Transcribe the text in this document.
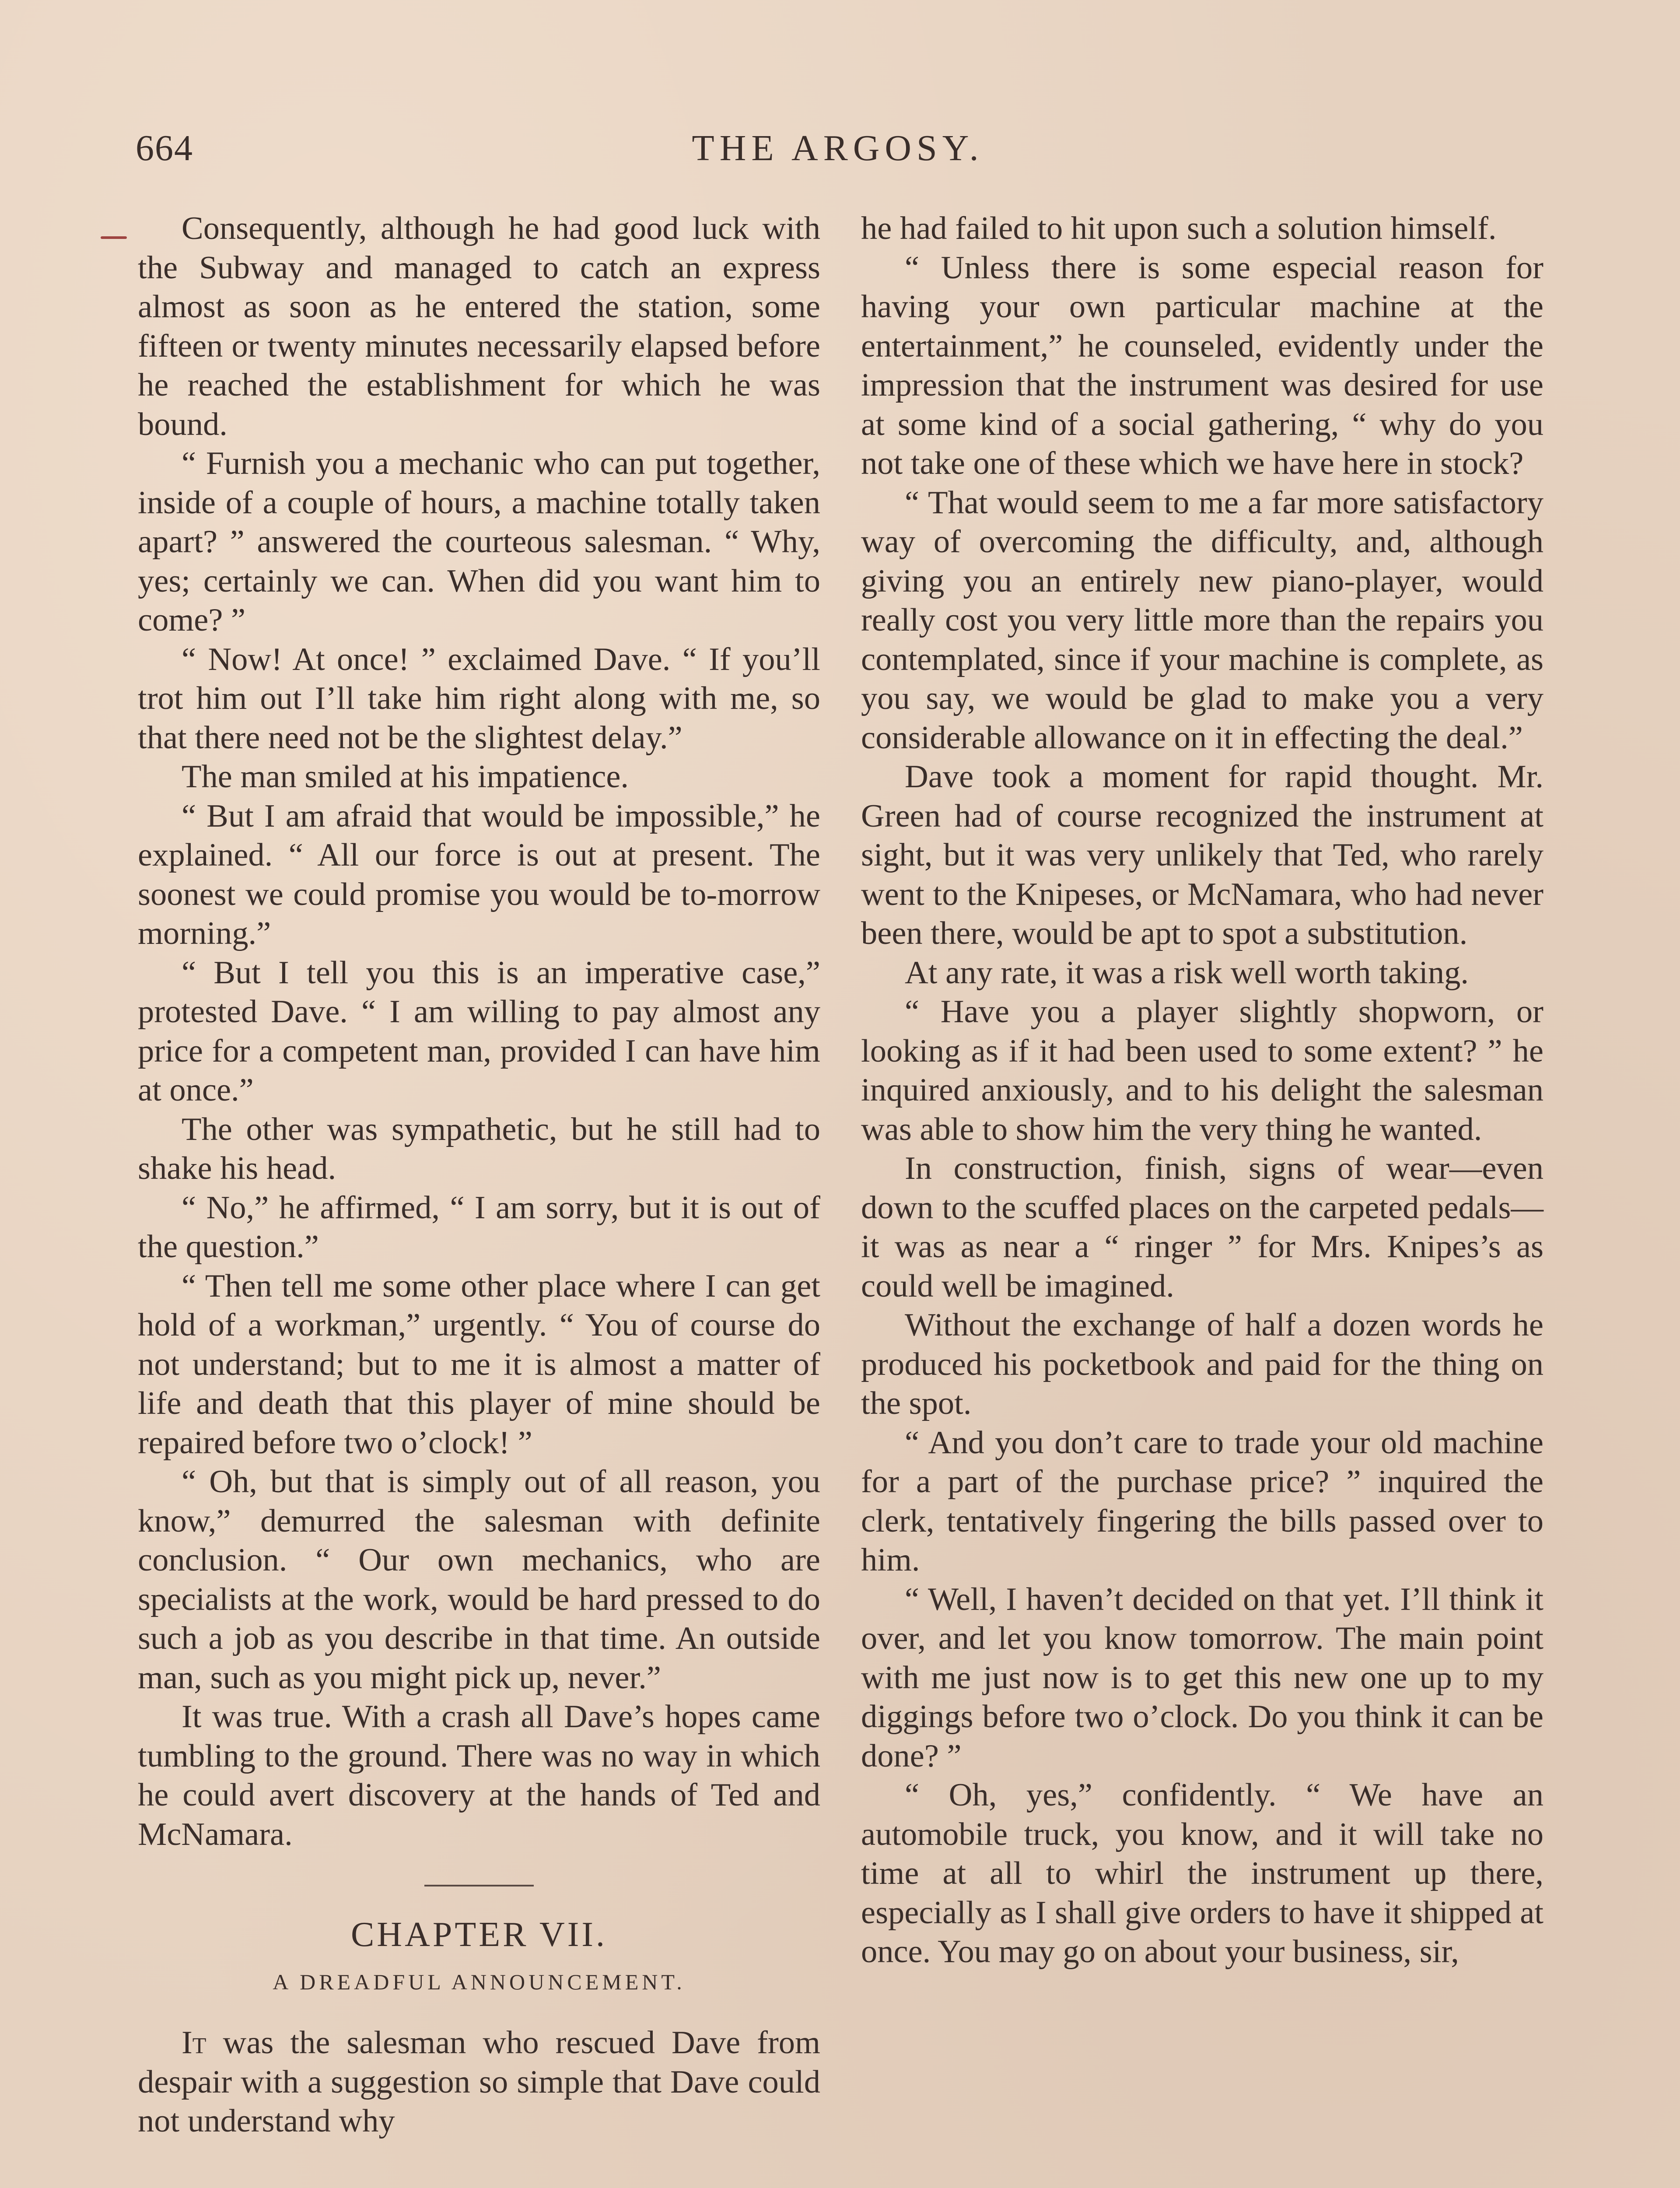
664	THE ARGOSY.

Consequently, although he had good luck with the Subway and managed to catch an express almost as soon as he entered the station, some fifteen or twenty minutes necessarily elapsed before he reached the establishment for which he was bound.

“ Furnish you a mechanic who can put together, inside of a couple of hours, a machine totally taken apart? ” answered the courteous salesman. “ Why, yes; certainly we can. When did you want him to come? ”

“ Now! At once! ” exclaimed Dave. “ If you’ll trot him out I’ll take him right along with me, so that there need not be the slightest delay.”

The man smiled at his impatience.

“ But I am afraid that would be impossible,” he explained. “ All our force is out at present. The soonest we could promise you would be to-morrow morning.”

“ But I tell you this is an imperative case,” protested Dave. “ I am willing to pay almost any price for a competent man, provided I can have him at once.”

The other was sympathetic, but he still had to shake his head.

“ No,” he affirmed, “ I am sorry, but it is out of the question.”

“ Then tell me some other place where I can get hold of a workman,” urgently. “ You of course do not understand; but to me it is almost a matter of life and death that this player of mine should be repaired before two o’clock! ”

“ Oh, but that is simply out of all reason, you know,” demurred the salesman with definite conclusion. “ Our own mechanics, who are specialists at the work, would be hard pressed to do such a job as you describe in that time. An outside man, such as you might pick up, never.”

It was true. With a crash all Dave’s hopes came tumbling to the ground. There was no way in which he could avert discovery at the hands of Ted and McNamara.

CHAPTER VII.
A DREADFUL ANNOUNCEMENT.

It was the salesman who rescued Dave from despair with a suggestion so simple that Dave could not understand why

he had failed to hit upon such a solution himself.

“ Unless there is some especial reason for having your own particular machine at the entertainment,” he counseled, evidently under the impression that the instrument was desired for use at some kind of a social gathering, “ why do you not take one of these which we have here in stock?

“ That would seem to me a far more satisfactory way of overcoming the difficulty, and, although giving you an entirely new piano-player, would really cost you very little more than the repairs you contemplated, since if your machine is complete, as you say, we would be glad to make you a very considerable allowance on it in effecting the deal.”

Dave took a moment for rapid thought. Mr. Green had of course recognized the instrument at sight, but it was very unlikely that Ted, who rarely went to the Knipeses, or McNamara, who had never been there, would be apt to spot a substitution.

At any rate, it was a risk well worth taking.

“ Have you a player slightly shopworn, or looking as if it had been used to some extent? ” he inquired anxiously, and to his delight the salesman was able to show him the very thing he wanted.

In construction, finish, signs of wear—even down to the scuffed places on the carpeted pedals—it was as near a “ ringer ” for Mrs. Knipes’s as could well be imagined.

Without the exchange of half a dozen words he produced his pocketbook and paid for the thing on the spot.

“ And you don’t care to trade your old machine for a part of the purchase price? ” inquired the clerk, tentatively fingering the bills passed over to him.

“ Well, I haven’t decided on that yet. I’ll think it over, and let you know tomorrow. The main point with me just now is to get this new one up to my diggings before two o’clock. Do you think it can be done? ”

“ Oh, yes,” confidently. “ We have an automobile truck, you know, and it will take no time at all to whirl the instrument up there, especially as I shall give orders to have it shipped at once. You may go on about your business, sir,
